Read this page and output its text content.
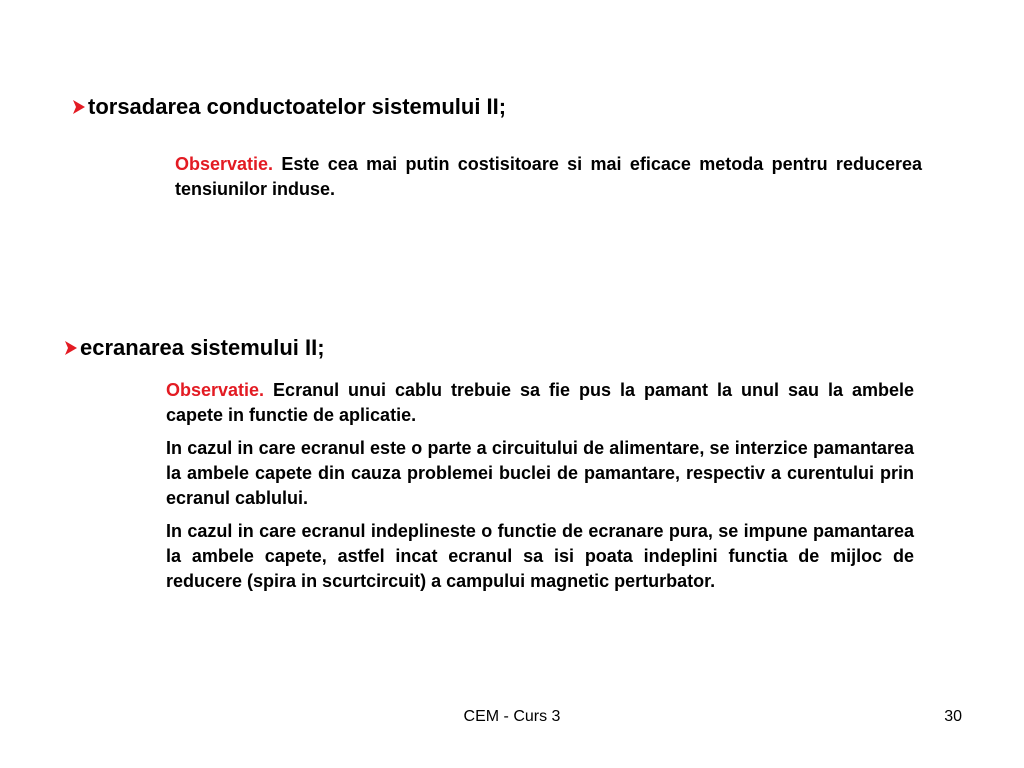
torsadarea conductoatelor sistemului II;

Observatie. Este cea mai putin costisitoare si mai eficace metoda pentru reducerea tensiunilor induse.

ecranarea sistemului II;

Observatie. Ecranul unui cablu trebuie sa fie pus la pamant la unul sau la ambele capete in functie de aplicatie.

In cazul in care ecranul este o parte a circuitului de alimentare, se interzice pamantarea la ambele capete din cauza problemei buclei de pamantare, respectiv a curentului prin ecranul cablului.

In cazul in care ecranul indeplineste o functie de ecranare pura, se impune pamantarea la ambele capete, astfel incat ecranul sa isi poata indeplini functia de mijloc de reducere (spira in scurtcircuit) a campului magnetic perturbator.

CEM - Curs 3	30
